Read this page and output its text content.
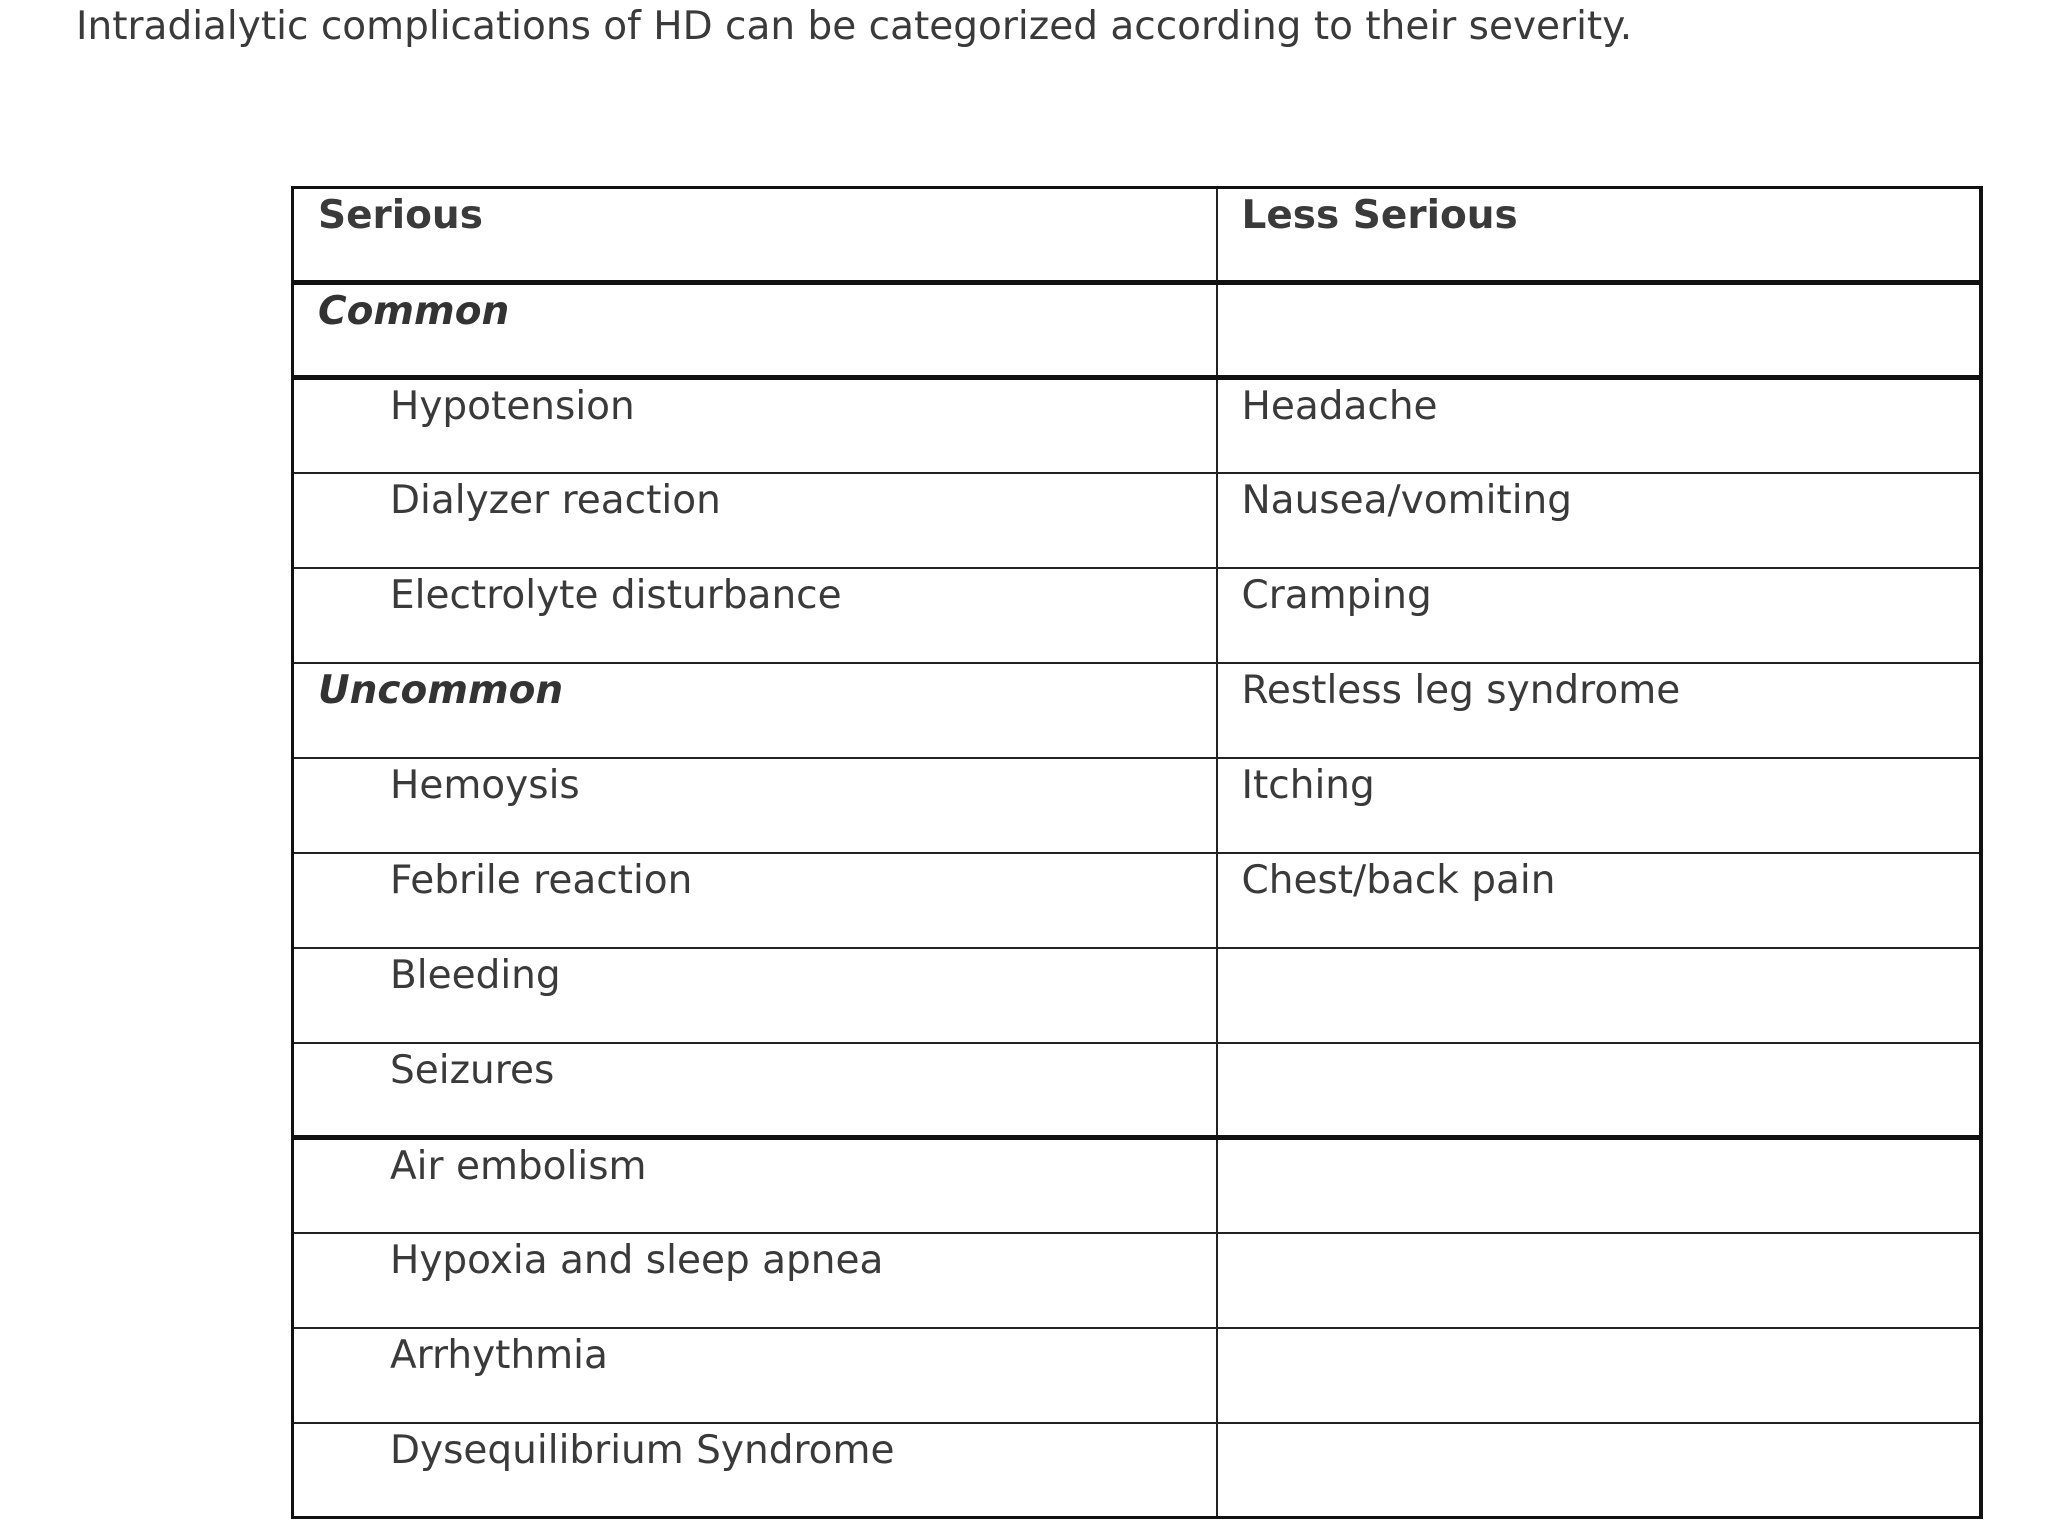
Intradialytic complications of HD can be categorized according to their severity.

Serious	Less Serious
Common	
Hypotension	Headache
Dialyzer reaction	Nausea/vomiting
Electrolyte disturbance	Cramping
Uncommon	Restless leg syndrome
Hemoysis	Itching
Febrile reaction	Chest/back pain
Bleeding	
Seizures	
Air embolism	
Hypoxia and sleep apnea	
Arrhythmia	
Dysequilibrium Syndrome	
